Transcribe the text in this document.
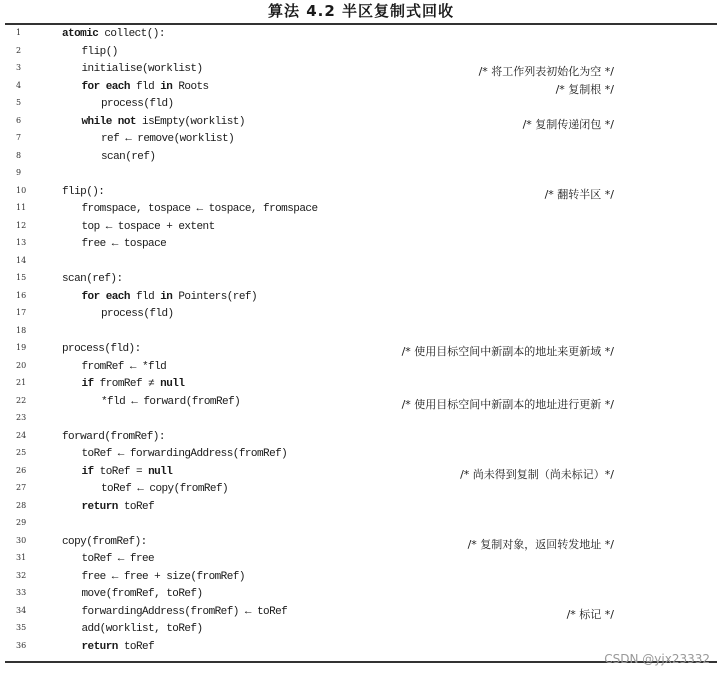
算法 4.2 半区复制式回收
1	atomic collect():
2	flip()
3	initialise(worklist)	/* 将工作列表初始化为空 */
4	for each fld in Roots	/* 复制根 */
5	process(fld)
6	while not isEmpty(worklist)	/* 复制传递闭包 */
7	ref ← remove(worklist)
8	scan(ref)
9
10	flip():	/* 翻转半区 */
11	fromspace, tospace ← tospace, fromspace
12	top ← tospace + extent
13	free ← tospace
14
15	scan(ref):
16	for each fld in Pointers(ref)
17	process(fld)
18
19	process(fld):	/* 使用目标空间中新副本的地址来更新域 */
20	fromRef ← *fld
21	if fromRef ≠ null
22	*fld ← forward(fromRef)	/* 使用目标空间中新副本的地址进行更新 */
23
24	forward(fromRef):
25	toRef ← forwardingAddress(fromRef)
26	if toRef = null	/* 尚未得到复制（尚未标记）*/
27	toRef ← copy(fromRef)
28	return toRef
29
30	copy(fromRef):	/* 复制对象，返回转发地址 */
31	toRef ← free
32	free ← free + size(fromRef)
33	move(fromRef, toRef)
34	forwardingAddress(fromRef) ← toRef	/* 标记 */
35	add(worklist, toRef)
36	return toRef
CSDN @yjx23332
